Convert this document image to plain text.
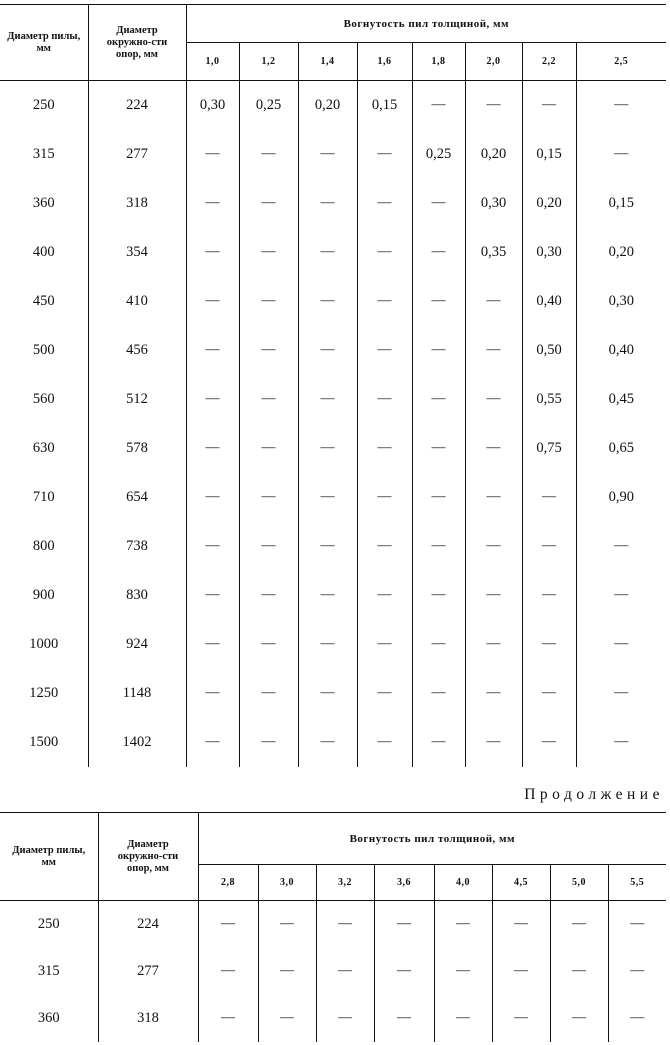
Диаметр пилы, мм	Диаметр окружно-сти опор, мм	Вогнутость пил толщиной, мм							
		1,0	1,2	1,4	1,6	1,8	2,0	2,2	2,5
250	224	0,30	0,25	0,20	0,15	—	—	—	—
315	277	—	—	—	—	0,25	0,20	0,15	—
360	318	—	—	—	—	—	0,30	0,20	0,15
400	354	—	—	—	—	—	0,35	0,30	0,20
450	410	—	—	—	—	—	—	0,40	0,30
500	456	—	—	—	—	—	—	0,50	0,40
560	512	—	—	—	—	—	—	0,55	0,45
630	578	—	—	—	—	—	—	0,75	0,65
710	654	—	—	—	—	—	—	—	0,90
800	738	—	—	—	—	—	—	—	—
900	830	—	—	—	—	—	—	—	—
1000	924	—	—	—	—	—	—	—	—
1250	1148	—	—	—	—	—	—	—	—
1500	1402	—	—	—	—	—	—	—	—
Продолжение
Диаметр пилы, мм	Диаметр окружно-сти опор, мм	Вогнутость пил толщиной, мм							
		2,8	3,0	3,2	3,6	4,0	4,5	5,0	5,5
250	224	—	—	—	—	—	—	—	—
315	277	—	—	—	—	—	—	—	—
360	318	—	—	—	—	—	—	—	—
